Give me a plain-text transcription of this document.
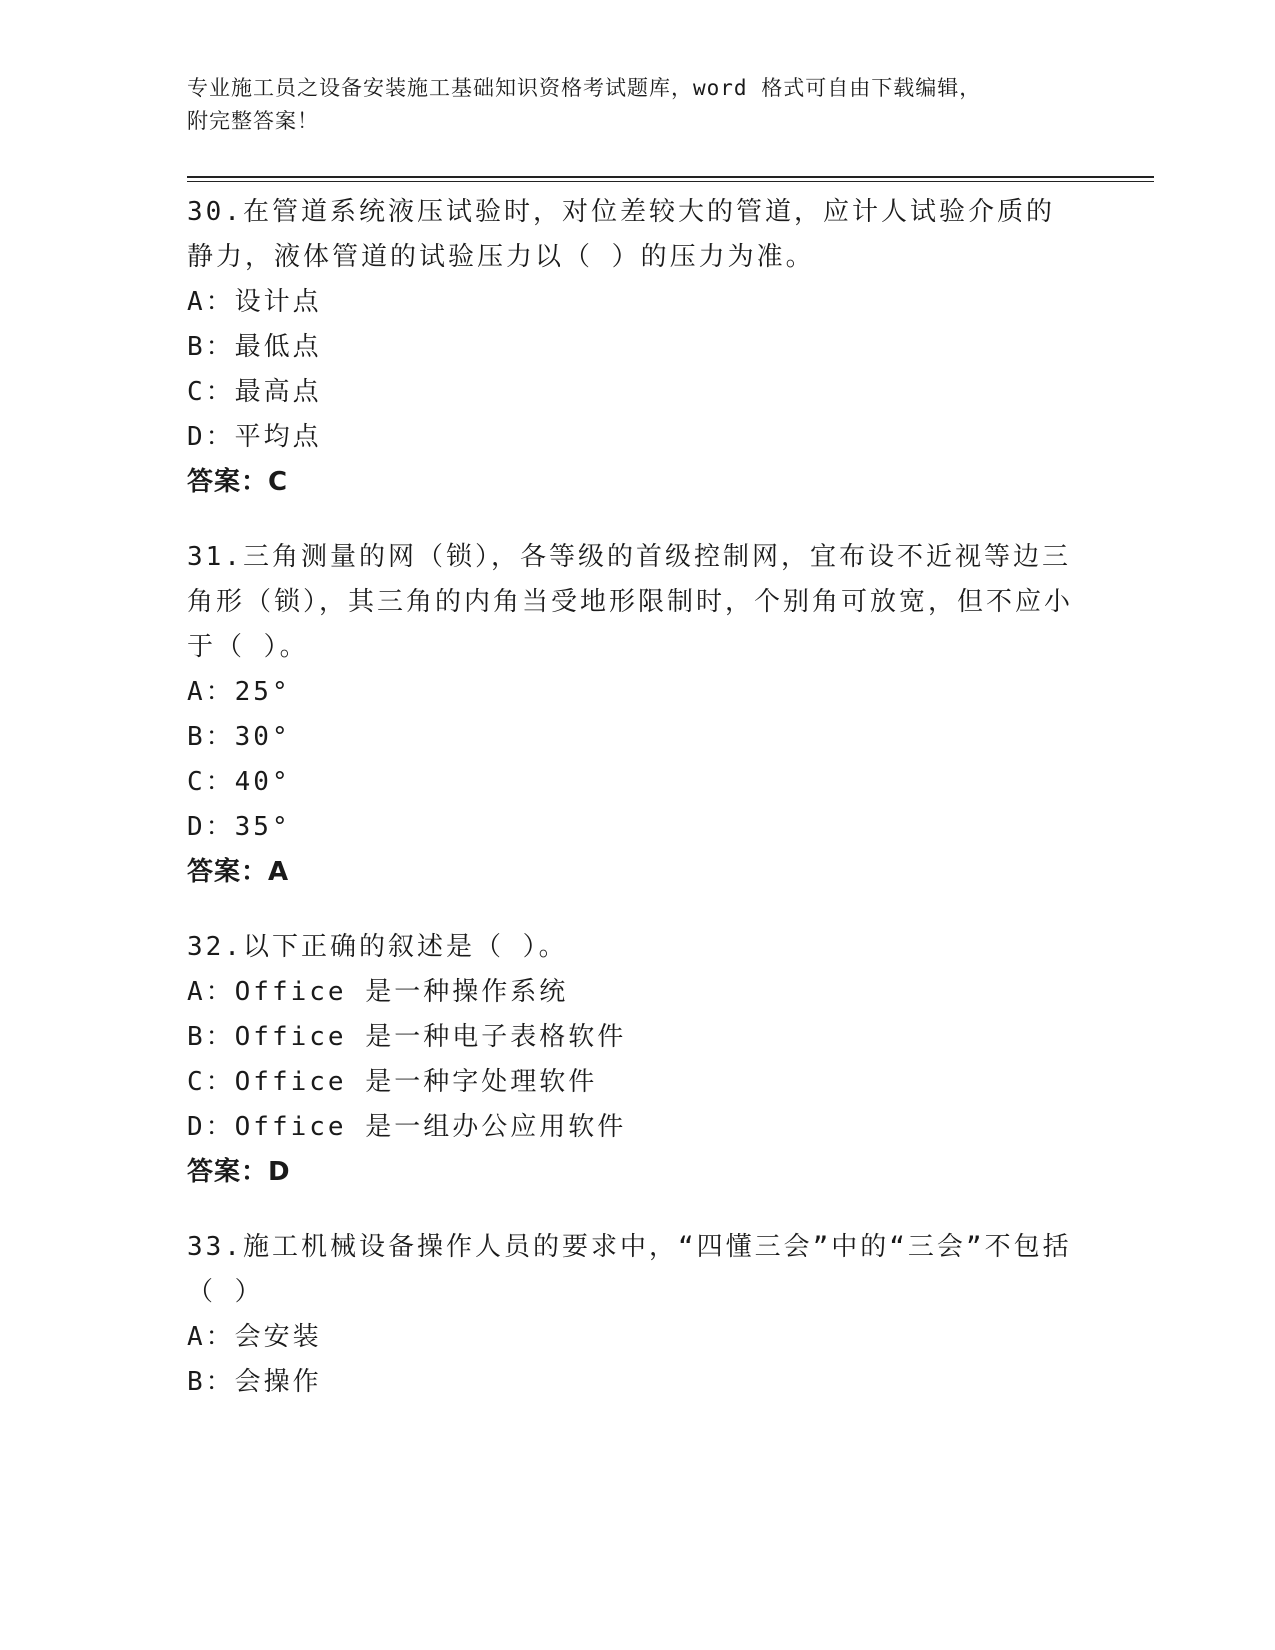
专业施工员之设备安装施工基础知识资格考试题库，word 格式可自由下载编辑，
附完整答案！
30.在管道系统液压试验时，对位差较大的管道，应计人试验介质的静力，液体管道的试验压力以（ ）的压力为准。
A：设计点
B：最低点
C：最高点
D：平均点
答案：C
31.三角测量的网（锁），各等级的首级控制网，宜布设不近视等边三角形（锁），其三角的内角当受地形限制时，个别角可放宽，但不应小于（ ）。
A：25°
B：30°
C：40°
D：35°
答案：A
32.以下正确的叙述是（ ）。
A：Office 是一种操作系统
B：Office 是一种电子表格软件
C：Office 是一种字处理软件
D：Office 是一组办公应用软件
答案：D
33.施工机械设备操作人员的要求中，“四懂三会”中的“三会”不包括（ ）
A：会安装
B：会操作
